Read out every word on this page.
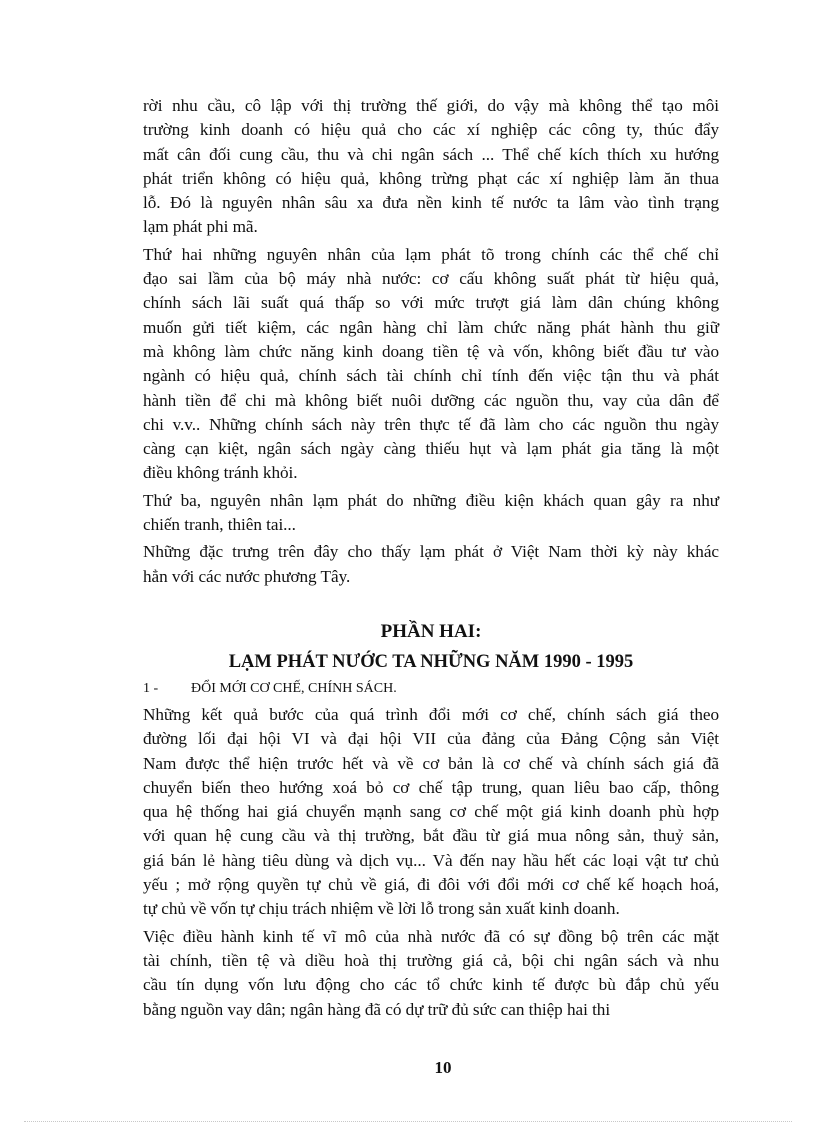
rời nhu cầu, cô lập với thị trường thế giới, do vậy mà không thể tạo môi
trường kinh doanh có hiệu quả cho các xí nghiệp các công ty, thúc đẩy
mất cân đối cung cầu, thu và chi ngân sách ... Thể chế kích thích xu hướng
phát triển không có hiệu quả, không trừng phạt các xí nghiệp làm ăn thua
lỗ. Đó là nguyên nhân sâu xa đưa nền kinh tế nước ta lâm vào tình trạng
lạm phát phi mã.
Thứ hai những nguyên nhân của lạm phát tõ trong chính các thể chế chỉ
đạo sai lầm của bộ máy nhà nước: cơ cấu không suất phát từ hiệu quả,
chính sách lãi suất quá thấp so với mức trượt giá làm dân chúng không
muốn gửi tiết kiệm, các ngân hàng chỉ làm chức năng phát hành thu giữ
mà không làm chức năng kinh doang tiền tệ và vốn, không biết đầu tư vào
ngành có hiệu quả, chính sách tài chính chỉ tính đến việc tận thu và phát
hành tiền để chi mà không biết nuôi dưỡng các nguồn thu, vay của dân để
chi v.v.. Những chính sách này trên thực tế đã làm cho các nguồn thu ngày
càng cạn kiệt, ngân sách ngày càng thiếu hụt và lạm phát gia tăng là một
điều không tránh khỏi.
Thứ ba, nguyên nhân lạm phát do những điều kiện khách quan gây ra như
chiến tranh, thiên tai...
Những đặc trưng trên đây cho thấy lạm phát ở Việt Nam thời kỳ này khác
hẳn với các nước phương Tây.
PHẦN HAI:
LẠM PHÁT NƯỚC TA NHỮNG NĂM 1990 - 1995
1 -	ĐỔI MỚI CƠ CHẾ, CHÍNH SÁCH.
Những kết quả bước của quá trình đổi mới cơ chế, chính sách giá theo
đường lối đại hội VI và đại hội VII của đảng của Đảng Cộng sản Việt
Nam được thể hiện trước hết và về cơ bản là cơ chế và chính sách giá đã
chuyển biến theo hướng xoá bỏ cơ chế tập trung, quan liêu bao cấp, thông
qua hệ thống hai giá chuyển mạnh sang cơ chế một giá kinh doanh phù hợp
với quan hệ cung cầu và thị trường, bắt đầu từ giá mua nông sản, thuỷ sản,
giá bán lẻ hàng tiêu dùng và dịch vụ... Và đến nay hầu hết các loại vật tư chủ
yếu ; mở rộng quyền tự chủ về giá, đi đôi với đổi mới cơ chế kế hoạch hoá,
tự chủ về vốn tự chịu trách nhiệm về lời lỗ trong sản xuất kinh doanh.
Việc điều hành kinh tế vĩ mô của nhà nước đã có sự đồng bộ trên các mặt
tài chính, tiền tệ và diều hoà thị trường giá cả, bội chi ngân sách và nhu
cầu tín dụng vốn lưu động cho các tổ chức kinh tế được bù đắp chủ yếu
bằng nguồn vay dân; ngân hàng đã có dự trữ đủ sức can thiệp hai thi
10
